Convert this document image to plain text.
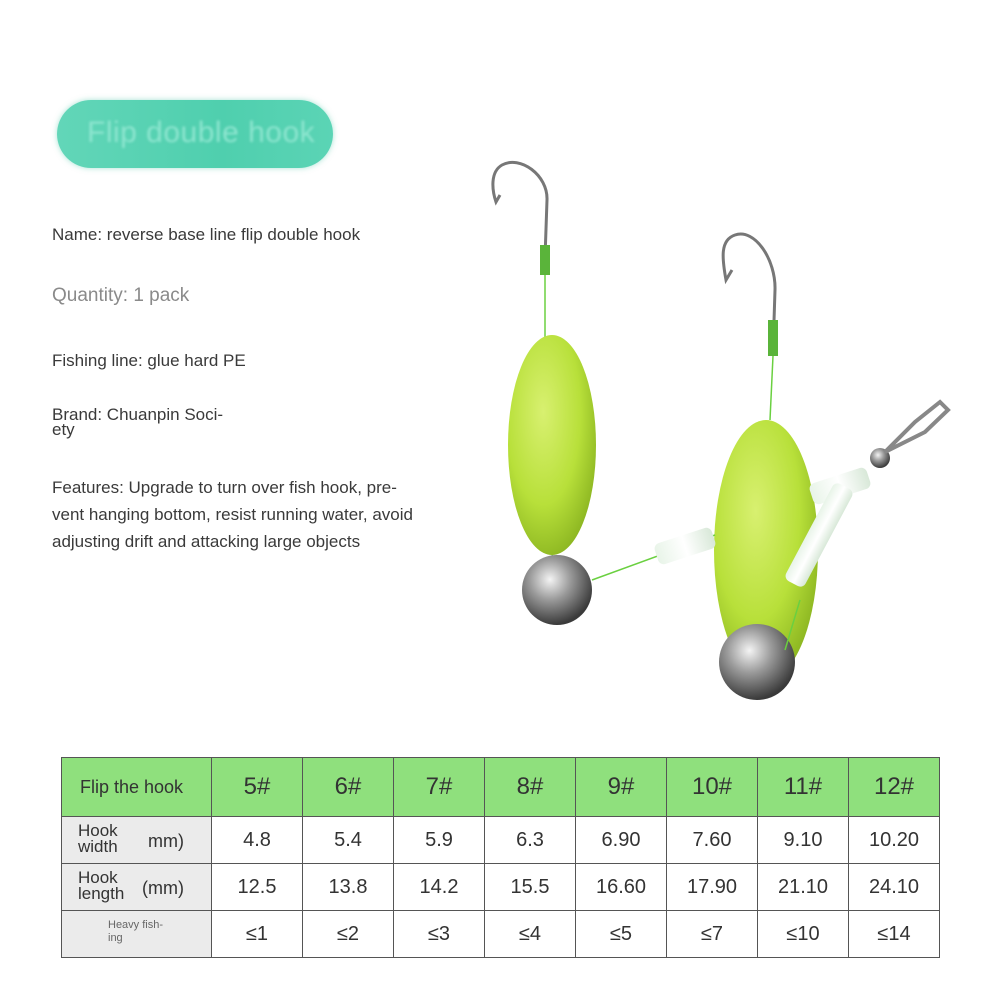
Flip double hook
Name: reverse base line flip double hook
Quantity: 1 pack
Fishing line: glue hard PE
Brand: Chuanpin Soci-
ety
Features: Upgrade to turn over fish hook, pre-
vent hanging bottom, resist running water, avoid
adjusting drift and attacking large objects
Flip the hook	5#	6#	7#	8#	9#	10#	11#	12#

Hook
width mm)	4.8	5.4	5.9	6.3	6.90	7.60	9.10	10.20

Hook
length (mm)	12.5	13.8	14.2	15.5	16.60	17.90	21.10	24.10

Heavy fish-
ing	≤1	≤2	≤3	≤4	≤5	≤7	≤10	≤14
